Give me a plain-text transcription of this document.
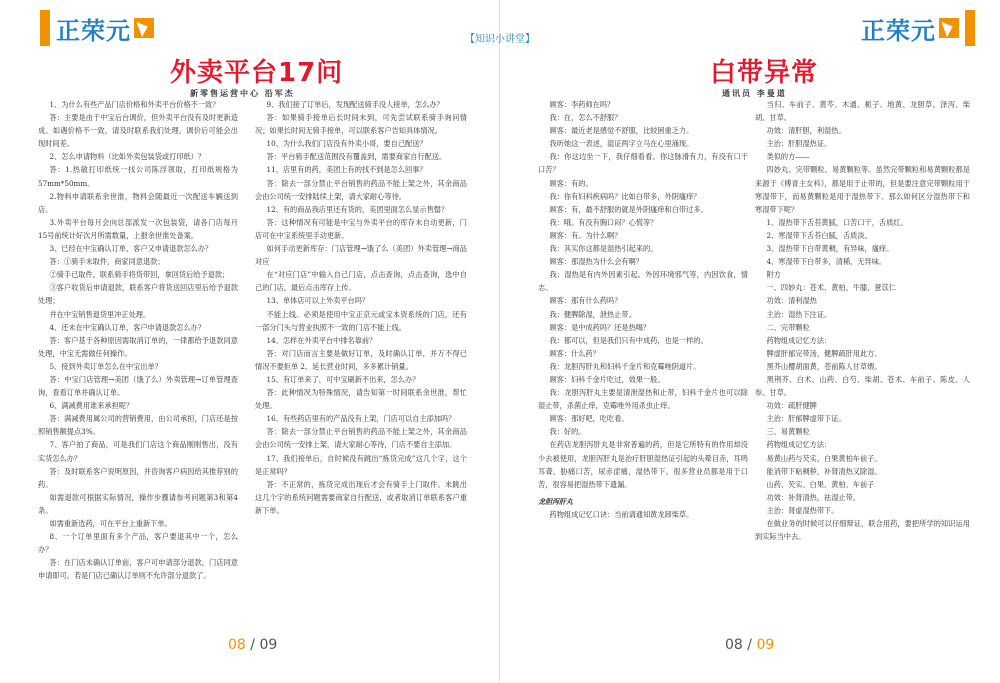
正荣元
外卖平台17问
新零售运营中心 沿军杰

1、为什么有些产品门店价格和外卖平台价格不一致？

答：主要是由于中宝后台调价，但外卖平台没有及时更新造成。如遇价格不一致，请及时联系我们处理，调价后可能会出现时间差。

2、怎么申请物料（比如外卖包装袋或打印纸）？

答：1.热敏打印纸统一找公司陈浮领取，打印纸规格为57mm*50mm。

2.物料申请联系余世淮，物料会随最近一次配送车辆送到店。

3.外卖平台每月会向总部派发一次包装袋，请各门店每月15号前统计好次月所需数量，上报余世淮处备案。

3、已经在中宝确认订单，客户又申请退款怎么办？

答：①骑手未取件，商家同意退款；

②骑手已取件，联系骑手将货带回，拿回货后给予退款；

③客户收货后申请退款，联系客户将货送回店里后给予退款处理；

并在中宝销售退货里冲正处理。

4、还未在中宝确认订单，客户申请退款怎么办？

答：客户基于各种原因需取消订单的，一律都给予退款同意处理，中宝无需做任何操作。

5、接到外卖订单怎么在中宝出单？

答：中宝门店管理→美团（饿了么）外卖管理→订单管理查询，查看订单并确认订单。

6、满减费用谁来承担呢？

答：满减费用属公司的营销费用，由公司承担，门店还是按照销售额提点3%。

7、客户拍了商品，可是我们门店这个商品刚刚售出，没有实货怎么办？

答：及时联系客户说明原因，并咨询客户病因给其推荐别的药。

如需退款可根据实际情况，操作步骤请参考问题第3和第4条。

如需重新选药，可在平台上重新下单。

8、一个订单里面有多个产品，客户要退其中一个，怎么办？

答：在门店未确认订单前，客户可申请部分退款，门店同意申请即可。若是门店已确认订单则不允许部分退款了。

9、我们接了订单后，发现配送骑手没人接单，怎么办？

答：如果骑手接单后长时间未到，可先尝试联系骑手询问情况；如果长时间无骑手接单，可以联系客户告知具体情况。

10、为什么我们门店没有外卖小哥，要自己配送？

答：平台骑手配送范围没有覆盖到，需要商家自行配送。

11、店里有的药，美团上有的找不到是怎么回事？

答：除去一部分禁止平台销售的药品不能上架之外，其余商品会由公司统一安排陆续上架，请大家耐心等待。

12、有的商品我店里还有货的，美团里面怎么显示售罄？

答：这种情况有可能是中宝与外卖平台的库存未自动更新，门店可在中宝系统里手动更新。

如何手动更新库存：门店管理→饿了么（美团）外卖管理→商品对应

在“对应门店”中输入自己门店，点击查询，点击查询，选中自己的门店，最后点击库存上传。

13、单体店可以上外卖平台吗？

不能上线。必须是使用中宝正京元或宝本资系统的门店，还有一部分门头与营业执照不一致的门店不能上线。

14、怎样在外卖平台中排名靠前？

答：对门店而言主要是做好订单，及时确认订单，并万不得已情况不要拒单 2、延长营业时间，多多累计销量。

15、有订单来了，可中宝刷新不出来，怎么办？

答：此种情况为特殊情况，请告知第一时间联系余世淮，帮忙处理。

16、有些药店里有的产品没有上架，门店可以自主添加吗？

答：除去一部分禁止平台销售的药品不能上架之外，其余商品会由公司统一安排上架，请大家耐心等待，门店不要自主添加。

17、我们接单后，自时候没有跳出“拣货完成”这几个字，这个是正常吗？

答：不正常的，拣货完成出现后才会有骑手上门取件。未跳出这几个字的系统问题需要商家自行配送，或者取消订单联系客户重新下单。

08 / 09
【知识小讲堂】	正荣元
白带异常
通讯员 李曼道

顾客：李药师在吗？

我：在，怎么不舒服？

顾客：最近老是感觉不舒服，比较困重乏力。

我听她这一表述，湿证两字立马在心里涌现。

我：你这边坐一下，我仔细看看。你这脉滑有力，有没有口干口苦？

顾客：有的。

我：你有妇科疾病吗？比如白带多，外阴瘙痒？

顾客：有，最不舒服的就是外阴瘙痒和白带过多。

我：哦。有没有胸口闷？心慌等？

顾客：有。为什么啊？

我：其实你这都是湿热引起来的。

顾客：那湿热为什么会有啊？

我：湿热是有内外因素引起。外因环境邪气等，内因饮食，情志。

顾客：那有什么药吗？

我：健脾除湿，泄热止带。

顾客：是中成药吗？还是热喝？

我：都可以，但是我们只有中成药，也是一样的。

顾客：什么药？

我：龙胆泻肝丸和妇科千金片和克霉唑阴道片。

顾客：妇科千金片吃过，效果一般。

我：龙胆泻肝丸主要是清泄湿热和止带，妇科千金片也可以除湿止带，杀菌止痒，克霉唑外用杀虫止痒。

顾客：那好吧，吃吃看。

我：好的。

在药店龙胆泻肝丸是非常普遍的药，但是它所特有的作用却没少去被使用，龙胆泻肝丸是治疗肝胆湿热证引起的头晕目赤，耳鸣耳聋，胁痛口苦，尿赤涩痛，湿热带下。很多营业员都是用于口苦，很容易把湿热带下遗漏。

龙胆泻肝丸

药物组成记忆口诀：当前请通知黄龙卸柴草。

当归、车前子、黄芩、木通、栀子、地黄、龙胆草、泽泻、柴胡、甘草。

功效：清肝胆，利湿热。

主治：肝胆湿热证。

类似的方——

四妙丸、完带颗粒、易黄颗粒等。虽然完带颗粒和易黄颗粒都是来源于《傅青主女科》，都是用于止带的，但是要注意完带颗粒用于寒湿带下，而易黄颗粒是用于湿热带下。那么如何区分湿热带下和寒湿带下呢？

1、湿热带下舌苔黄腻，口苦口干，舌质红。

2、寒湿带下舌苔白腻，舌质淡。

3、湿热带下白带黄稠，有异味，瘙痒。

4、寒湿带下白带多，清稀，无异味。

附方

一、四妙丸：苍术、黄柏、牛膝、薏苡仁

功效：清利湿热

主治：湿热下注证。

二、完带颗粒

药物组成记忆方法：

脾虚肝郁完带汤，健脾疏肝用此方。

黑芥山樱胡面黄，苍前陈人甘草煨。

黑荆芥、白术、山药、白芍、柴胡、苍术、车前子、陈皮、人参、甘草。

功效：疏肝健脾

主治：肝郁脾虚带下证。

三、易黄颗粒

药物组成记忆方法：

易黄山药与芡实，白果黄柏车前子。

能消带下粘稠秽，补肾清热又除湿。

山药、芡实、白果、黄柏、车前子

功效：补肾清热，祛湿止带。

主治：肾虚湿热带下。

在做业务的时候可以仔细辩证，联合用药，要把所学的知识运用到实际当中去。

08 / 09
